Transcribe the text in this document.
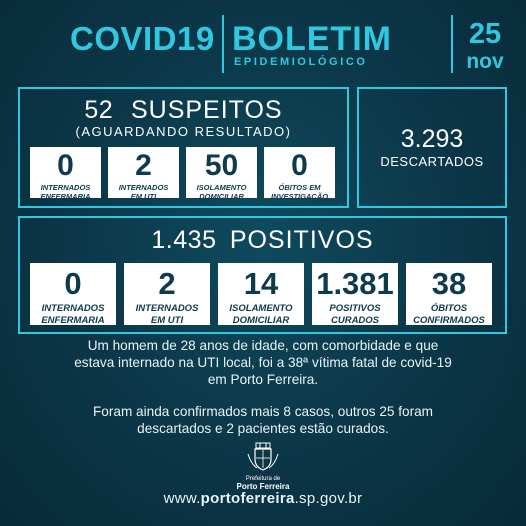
COVID19 BOLETIM
EPIDEMIOLÓGICO
25
nov
52 SUSPEITOS
(AGUARDANDO RESULTADO)
0
INTERNADOS
ENFERMARIA
2
INTERNADOS
EM UTI
50
ISOLAMENTO
DOMICILIAR
0
ÓBITOS EM
INVESTIGAÇÃO
3.293
DESCARTADOS
1.435 POSITIVOS
0
INTERNADOS
ENFERMARIA
2
INTERNADOS
EM UTI
14
ISOLAMENTO
DOMICILIAR
1.381
POSITIVOS
CURADOS
38
ÓBITOS
CONFIRMADOS
Um homem de 28 anos de idade, com comorbidade e que
estava internado na UTI local, foi a 38ª vítima fatal de covid-19
em Porto Ferreira.
Foram ainda confirmados mais 8 casos, outros 25 foram
descartados e 2 pacientes estão curados.
Prefeitura de
Porto Ferreira
www.portoferreira.sp.gov.br
